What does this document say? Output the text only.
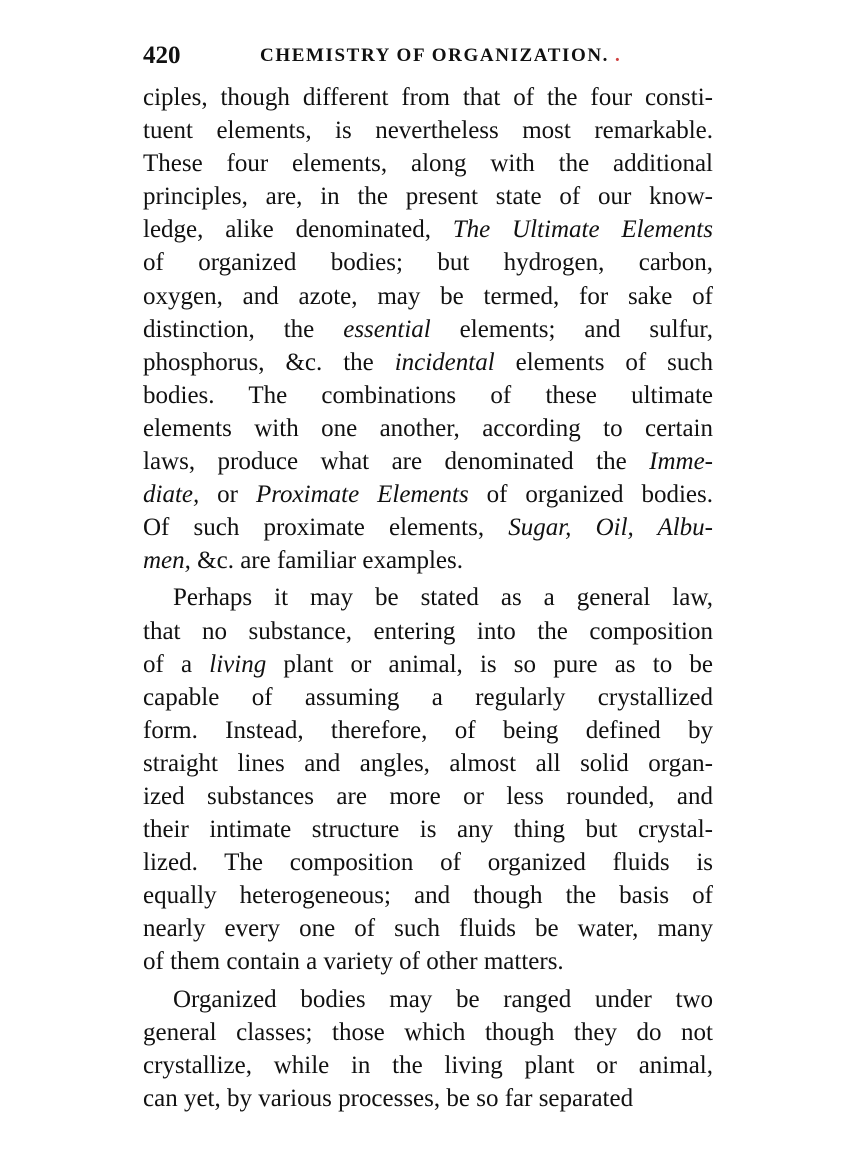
420	CHEMISTRY OF ORGANIZATION. .
ciples, though different from that of the four consti-
tuent elements, is nevertheless most remarkable.
These four elements, along with the additional
principles, are, in the present state of our know-
ledge, alike denominated, The Ultimate Elements
of organized bodies; but hydrogen, carbon,
oxygen, and azote, may be termed, for sake of
distinction, the essential elements; and sulfur,
phosphorus, &c. the incidental elements of such
bodies. The combinations of these ultimate
elements with one another, according to certain
laws, produce what are denominated the Imme-
diate, or Proximate Elements of organized bodies.
Of such proximate elements, Sugar, Oil, Albu-
men, &c. are familiar examples.
Perhaps it may be stated as a general law,
that no substance, entering into the composition
of a living plant or animal, is so pure as to be
capable of assuming a regularly crystallized
form. Instead, therefore, of being defined by
straight lines and angles, almost all solid organ-
ized substances are more or less rounded, and
their intimate structure is any thing but crystal-
lized. The composition of organized fluids is
equally heterogeneous; and though the basis of
nearly every one of such fluids be water, many
of them contain a variety of other matters.
Organized bodies may be ranged under two
general classes; those which though they do not
crystallize, while in the living plant or animal,
can yet, by various processes, be so far separated
